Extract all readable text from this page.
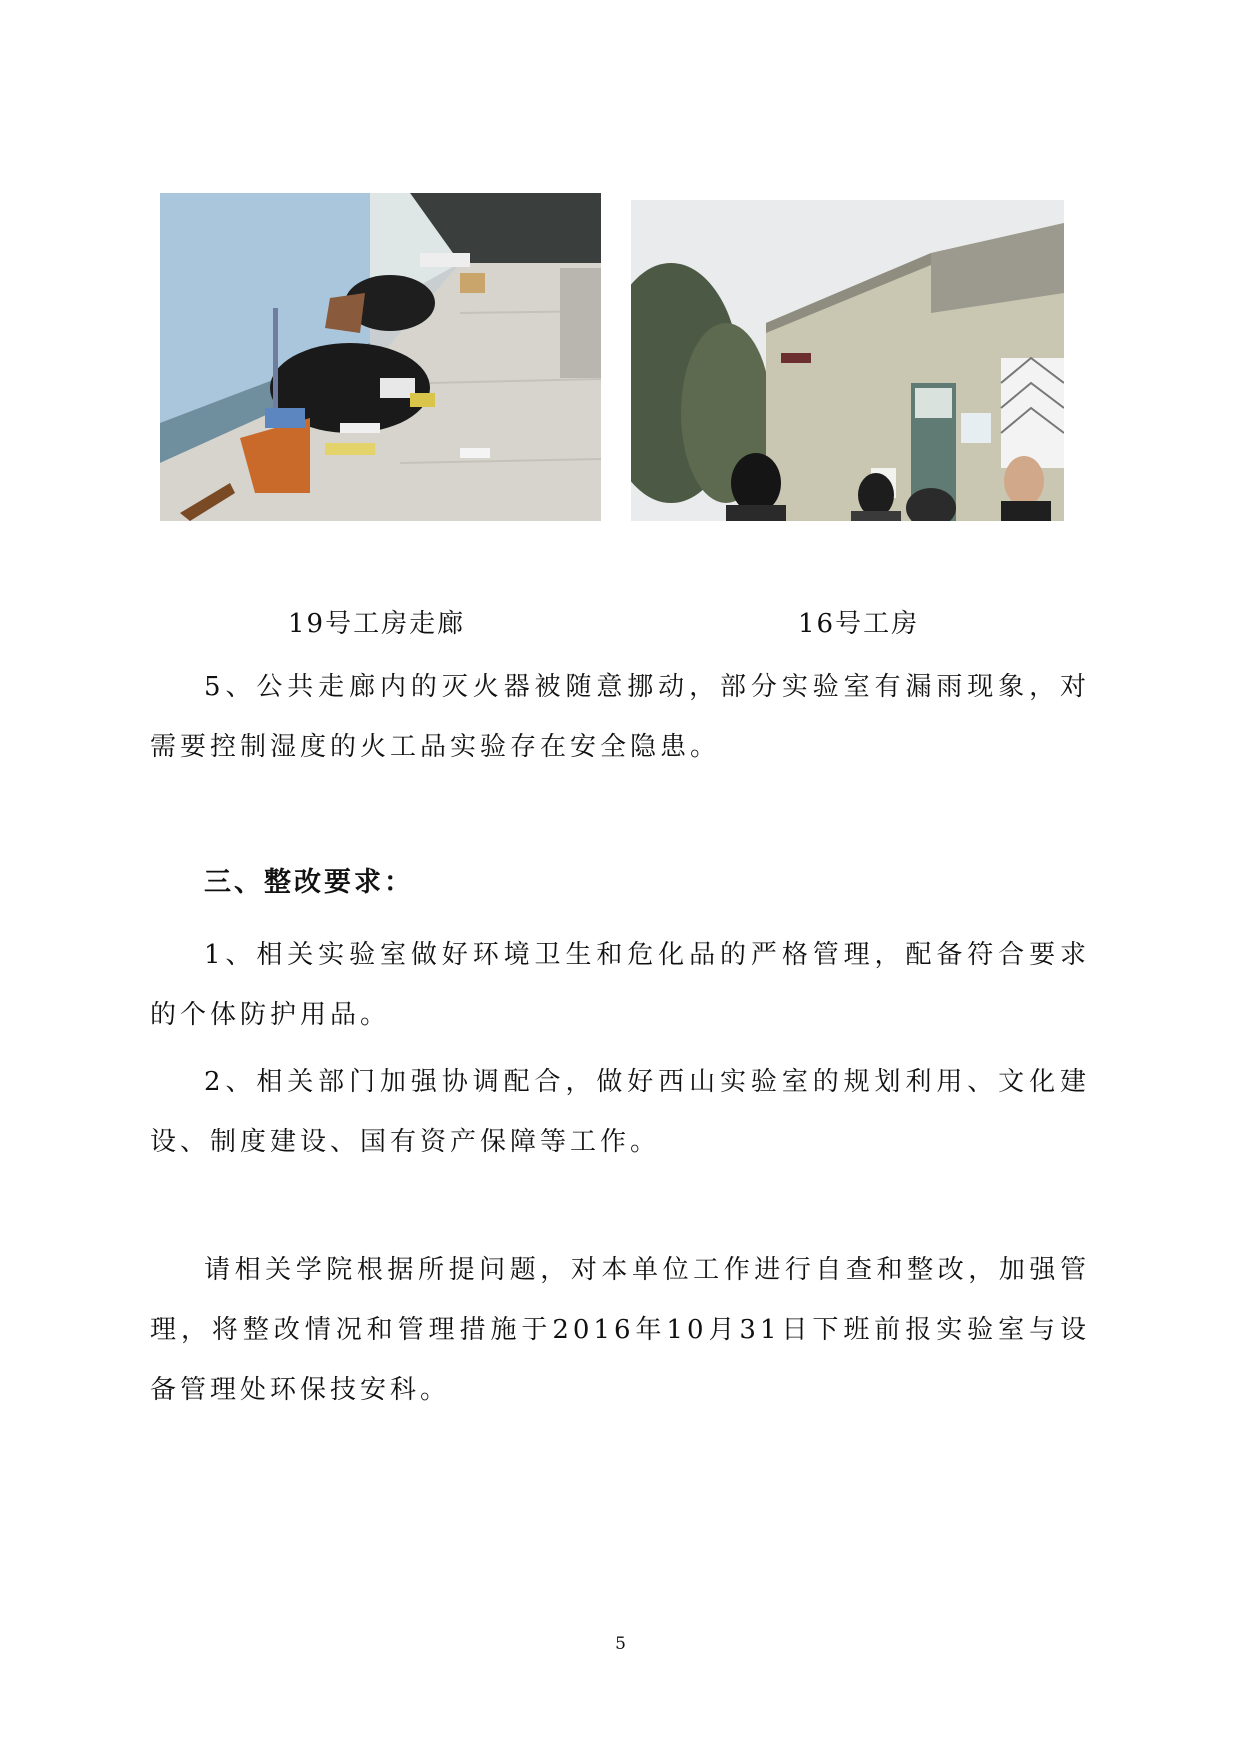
19号工房走廊	16号工房

5、公共走廊内的灭火器被随意挪动，部分实验室有漏雨现象，对需要控制湿度的火工品实验存在安全隐患。

三、整改要求：

1、相关实验室做好环境卫生和危化品的严格管理，配备符合要求的个体防护用品。

2、相关部门加强协调配合，做好西山实验室的规划利用、文化建设、制度建设、国有资产保障等工作。

请相关学院根据所提问题，对本单位工作进行自查和整改，加强管理，将整改情况和管理措施于2016年10月31日下班前报实验室与设备管理处环保技安科。

5
